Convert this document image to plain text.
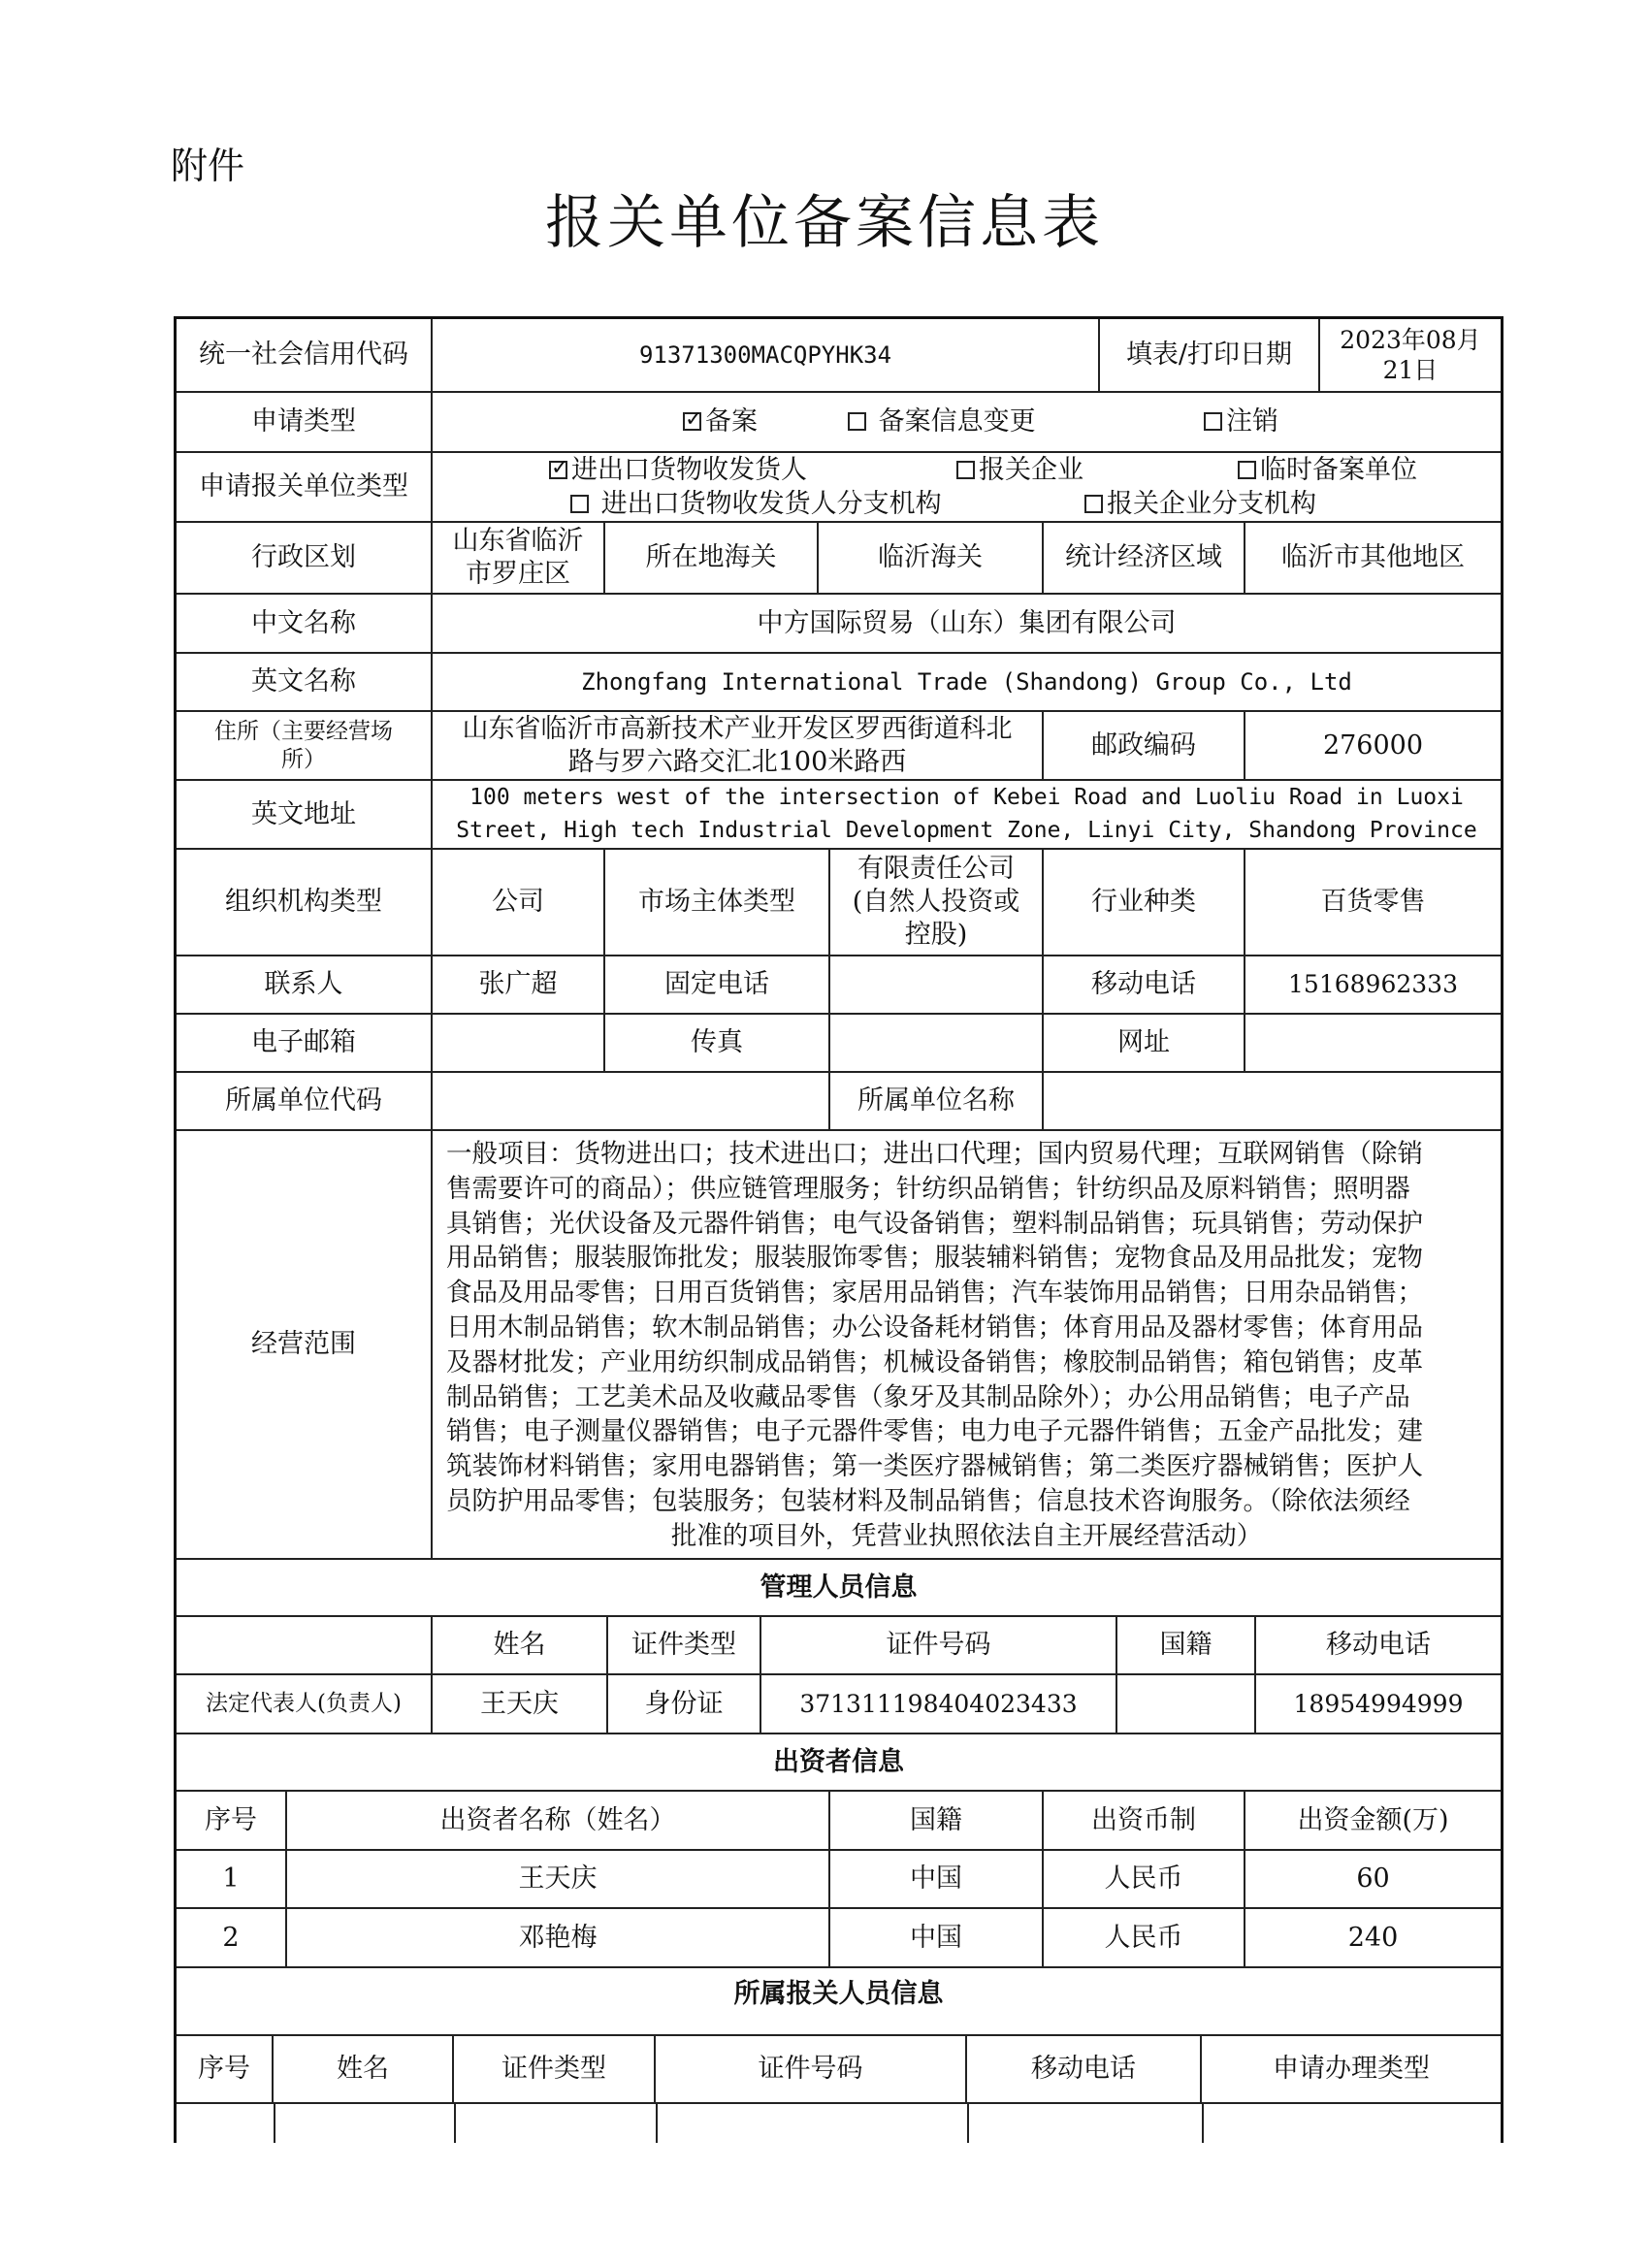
附件
报关单位备案信息表
统一社会信用代码	91371300MACQPYHK34	填表/打印日期	2023年08月
21日
申请类型
✓	备案	备案信息变更	注销
申请报关单位类型
✓进出口货物收发货人	报关企业	临时备案单位
进出口货物收发货人分支机构	报关企业分支机构
行政区划
山东省临沂
市罗庄区
所在地海关	临沂海关	统计经济区域	临沂市其他地区
中文名称	中方国际贸易（山东）集团有限公司
英文名称	Zhongfang International Trade (Shandong) Group Co., Ltd
住所（主要经营场
所）
山东省临沂市高新技术产业开发区罗西街道科北
路与罗六路交汇北100米路西
邮政编码	276000
英文地址
100 meters west of the intersection of Kebei Road and Luoliu Road in Luoxi
Street, High tech Industrial Development Zone, Linyi City, Shandong Province
组织机构类型	公司	市场主体类型
有限责任公司
(自然人投资或
控股)
行业种类	百货零售
联系人	张广超	固定电话	移动电话	15168962333
电子邮箱	传真	网址
所属单位代码	所属单位名称
经营范围
一般项目：货物进出口；技术进出口；进出口代理；国内贸易代理；互联网销售（除销
售需要许可的商品）；供应链管理服务；针纺织品销售；针纺织品及原料销售；照明器
具销售；光伏设备及元器件销售；电气设备销售；塑料制品销售；玩具销售；劳动保护
用品销售；服装服饰批发；服装服饰零售；服装辅料销售；宠物食品及用品批发；宠物
食品及用品零售；日用百货销售；家居用品销售；汽车装饰用品销售；日用杂品销售；
日用木制品销售；软木制品销售；办公设备耗材销售；体育用品及器材零售；体育用品
及器材批发；产业用纺织制成品销售；机械设备销售；橡胶制品销售；箱包销售；皮革
制品销售；工艺美术品及收藏品零售（象牙及其制品除外）；办公用品销售；电子产品
销售；电子测量仪器销售；电子元器件零售；电力电子元器件销售；五金产品批发；建
筑装饰材料销售；家用电器销售；第一类医疗器械销售；第二类医疗器械销售；医护人
员防护用品零售；包装服务；包装材料及制品销售；信息技术咨询服务。（除依法须经
批准的项目外，凭营业执照依法自主开展经营活动）
管理人员信息
姓名	证件类型	证件号码	国籍	移动电话
法定代表人(负责人)	王天庆	身份证	371311198404023433	18954994999
出资者信息
序号	出资者名称（姓名）	国籍	出资币制	出资金额(万)
1	王天庆	中国	人民币	60
2	邓艳梅	中国	人民币	240
所属报关人员信息
序号	姓名	证件类型	证件号码	移动电话	申请办理类型
